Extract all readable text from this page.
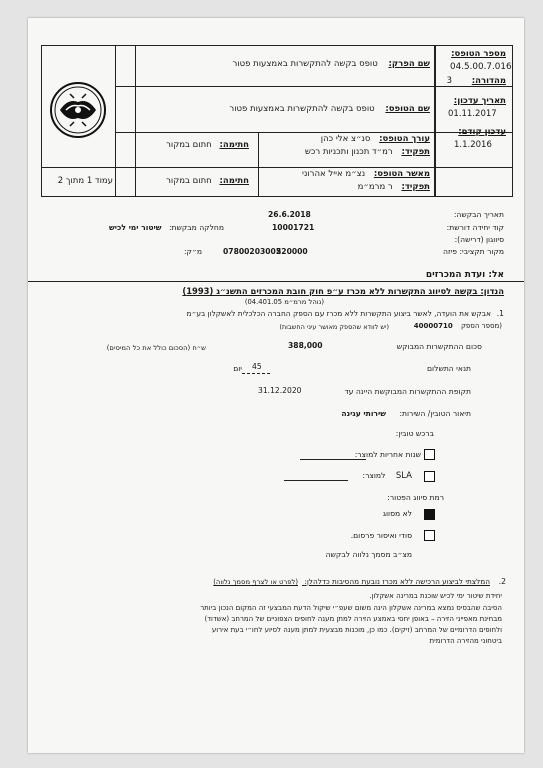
מספר הטופס:
04.5.00.7.016
מהדורה:
3
תאריך עדכון:
01.11.2017
עדכון קודם:
1.1.2016
שם הפרק: טופס בקשה להתקשרות באמצעות פטור
שם הטופס: טופס בקשה להתקשרות באמצעות פטור
עורך הטופס: סנ״צ אלי כהן
תפקיד: רמ״ד תכנון ותכניות רכש
חתימה: חתום במקור
מאשר הטופס: נצ״מ אייל אהרוני
תפקיד: ר מרמ״מ
חתימה: חתום במקור
עמוד 1 מתוך 2
תאריך הבקשה:
26.6.2018
קוד יחידה דורשת:
10001721
מחלקה מבקשת: שיטור ימי לכיש
סיווגון (דרישה):
מקור תקציבי: פיזה
520000
מ״ק:	07800203002
אל: ועדת המכרזים
הנדון: בקשה לסיווג התקשרות ללא מכרז ע״פ חוק חובת המכרזים התשנ״ג (1993)
(נוהל מרמ״מ 04.401.05)
1.
אבקש את הועדה, לאשר ביצוע התקשרות ללא מכרז עם הספק החברה הכלכלית לאשקלון בע״מ
(מספר הספק 40000710
(יש לוודא שהספק מאושר עיני החשבות)
סכום ההתקשרות המבוקש
388,000
ש״ח (הסכום כולל את כל המיסים)
תנאי התשלום
45
יום
תקופת ההתקשרות המבוקשת היינה עד
31.12.2020
תיאור הטובין/ השירות:
שירותי עגינה
ברכש טובין:
שנות אחריות למוצר:
SLA למוצר:
רמת סיווג הפטור:
לא מסווג
סודי ואיסור פרסום.
מצ״ב מסמך נלווה לבקשה
2.
המלצתי לביצוע הרכישה ללא מכרז נובעת מהסיבות כדלהלן: (לפרט או לצרף מסמך נלווה)
יחידת שיטור ימי לכיש שוכנת במרינה אשקלון.
הסיבה שהבסיס נמצא במרינה אשקלון הינה משום שעפ״י שיקול הדעת המבצעי זה המקום הנכון ביותר
מבחינת מאפייני הזירה – באופן יחסי באמצע הזירה למתן מענה לחופים הצפוניים של המרחב (אשדוד)
ולחופים הדרומיים של המרחב (זיקים). כמו כן, מוכנות מבצעית למתן מענה לסיוע לחו״י בעת אירוע
ביטחוני מהזירה הדרומית
